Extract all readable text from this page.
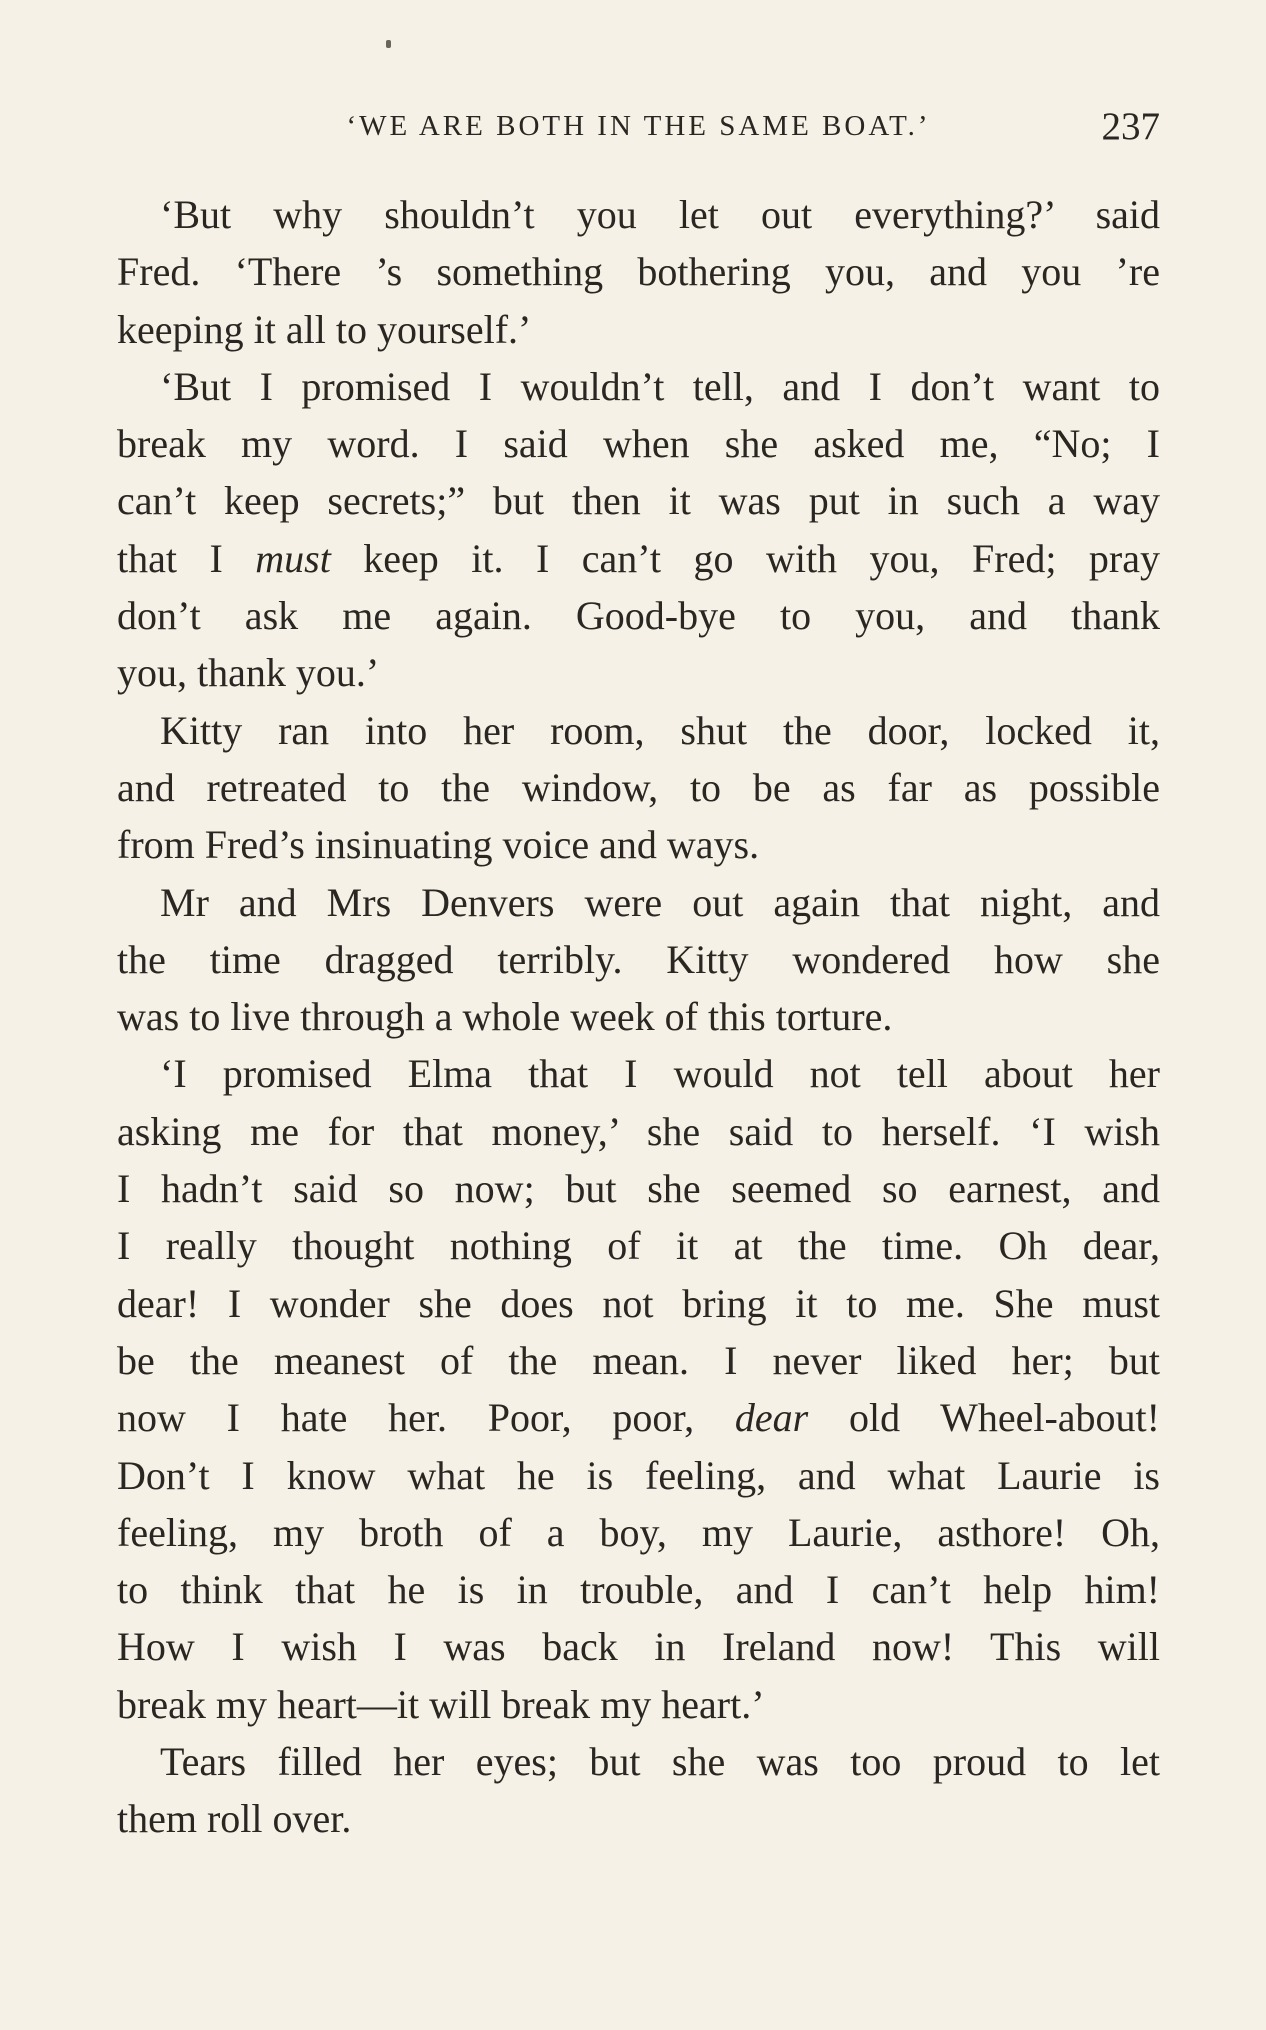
‘WE ARE BOTH IN THE SAME BOAT.’	237
‘But why shouldn’t you let out everything?’ said
Fred. ‘There ’s something bothering you, and you ’re
keeping it all to yourself.’
‘But I promised I wouldn’t tell, and I don’t want to
break my word. I said when she asked me, “No; I
can’t keep secrets;” but then it was put in such a way
that I must keep it. I can’t go with you, Fred; pray
don’t ask me again. Good-bye to you, and thank
you, thank you.’
Kitty ran into her room, shut the door, locked it,
and retreated to the window, to be as far as possible
from Fred’s insinuating voice and ways.
Mr and Mrs Denvers were out again that night, and
the time dragged terribly. Kitty wondered how she
was to live through a whole week of this torture.
‘I promised Elma that I would not tell about her
asking me for that money,’ she said to herself. ‘I wish
I hadn’t said so now; but she seemed so earnest, and
I really thought nothing of it at the time. Oh dear,
dear! I wonder she does not bring it to me. She must
be the meanest of the mean. I never liked her; but
now I hate her. Poor, poor, dear old Wheel-about!
Don’t I know what he is feeling, and what Laurie is
feeling, my broth of a boy, my Laurie, asthore! Oh,
to think that he is in trouble, and I can’t help him!
How I wish I was back in Ireland now! This will
break my heart—it will break my heart.’
Tears filled her eyes; but she was too proud to let
them roll over.
